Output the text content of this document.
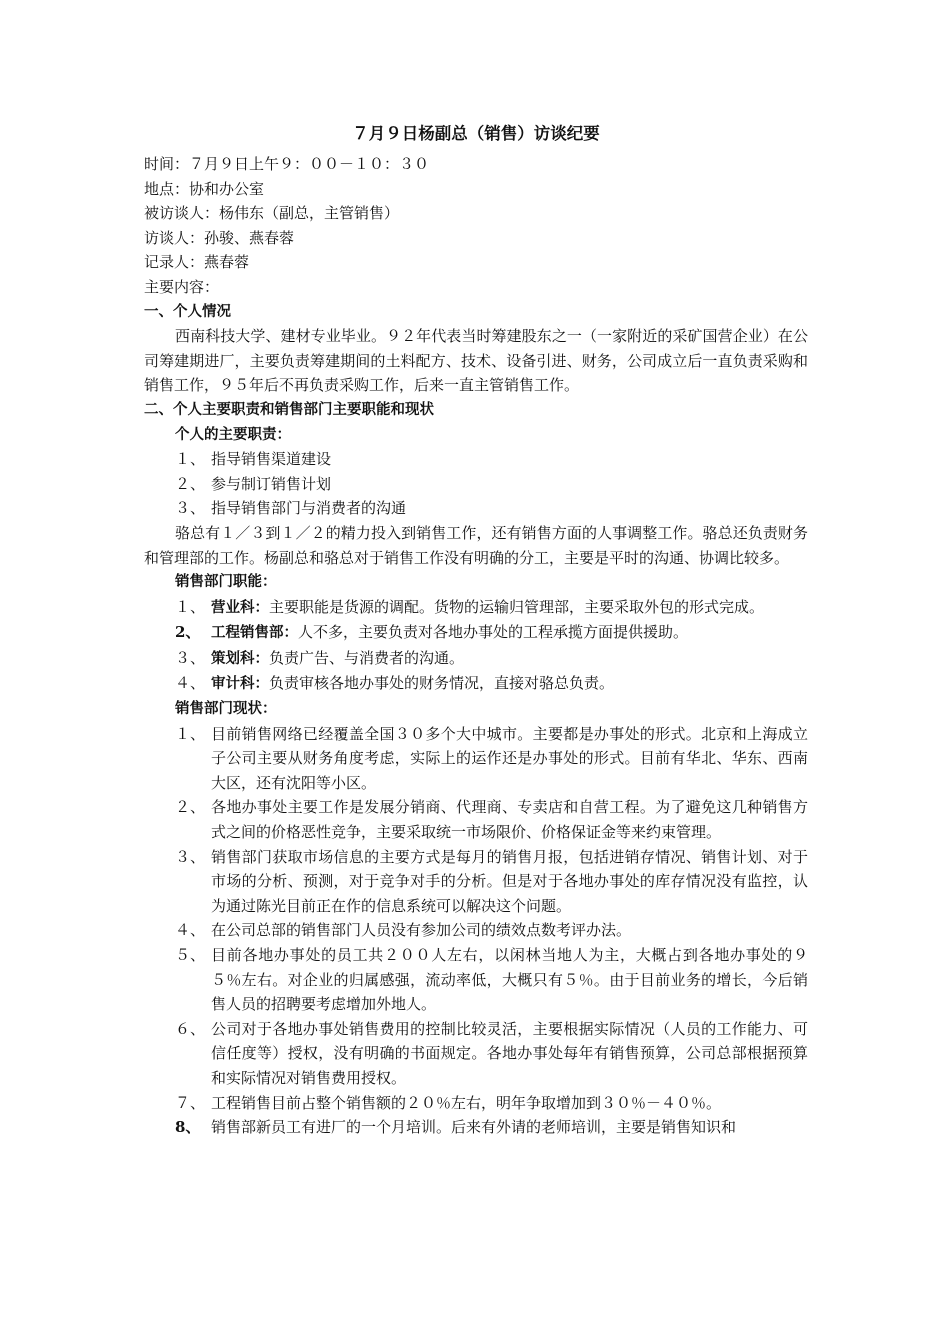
７月９日杨副总（销售）访谈纪要
时间：７月９日上午９：００－１０：３０
地点：协和办公室
被访谈人：杨伟东（副总，主管销售）
访谈人：孙骏、燕春蓉
记录人：燕春蓉
主要内容：
一、个人情况
西南科技大学、建材专业毕业。９２年代表当时筹建股东之一（一家附近的采矿国营企业）在公司筹建期进厂，主要负责筹建期间的土料配方、技术、设备引进、财务，公司成立后一直负责采购和销售工作，９５年后不再负责采购工作，后来一直主管销售工作。
二、个人主要职责和销售部门主要职能和现状
个人的主要职责：
１、 指导销售渠道建设
２、 参与制订销售计划
３、 指导销售部门与消费者的沟通
骆总有１／３到１／２的精力投入到销售工作，还有销售方面的人事调整工作。骆总还负责财务和管理部的工作。杨副总和骆总对于销售工作没有明确的分工，主要是平时的沟通、协调比较多。
销售部门职能：
１、 营业科：主要职能是货源的调配。货物的运输归管理部，主要采取外包的形式完成。
2、 工程销售部：人不多，主要负责对各地办事处的工程承揽方面提供援助。
３、 策划科：负责广告、与消费者的沟通。
４、 审计科：负责审核各地办事处的财务情况，直接对骆总负责。
销售部门现状：
１、 目前销售网络已经覆盖全国３０多个大中城市。主要都是办事处的形式。北京和上海成立子公司主要从财务角度考虑，实际上的运作还是办事处的形式。目前有华北、华东、西南大区，还有沈阳等小区。
２、 各地办事处主要工作是发展分销商、代理商、专卖店和自营工程。为了避免这几种销售方式之间的价格恶性竞争，主要采取统一市场限价、价格保证金等来约束管理。
３、 销售部门获取市场信息的主要方式是每月的销售月报，包括进销存情况、销售计划、对于市场的分析、预测，对于竞争对手的分析。但是对于各地办事处的库存情况没有监控，认为通过陈光目前正在作的信息系统可以解决这个问题。
４、 在公司总部的销售部门人员没有参加公司的绩效点数考评办法。
５、 目前各地办事处的员工共２００人左右，以闲林当地人为主，大概占到各地办事处的９５％左右。对企业的归属感强，流动率低，大概只有５％。由于目前业务的增长，今后销售人员的招聘要考虑增加外地人。
６、 公司对于各地办事处销售费用的控制比较灵活，主要根据实际情况（人员的工作能力、可信任度等）授权，没有明确的书面规定。各地办事处每年有销售预算，公司总部根据预算和实际情况对销售费用授权。
７、 工程销售目前占整个销售额的２０％左右，明年争取增加到３０％－４０％。
8、 销售部新员工有进厂的一个月培训。后来有外请的老师培训，主要是销售知识和
